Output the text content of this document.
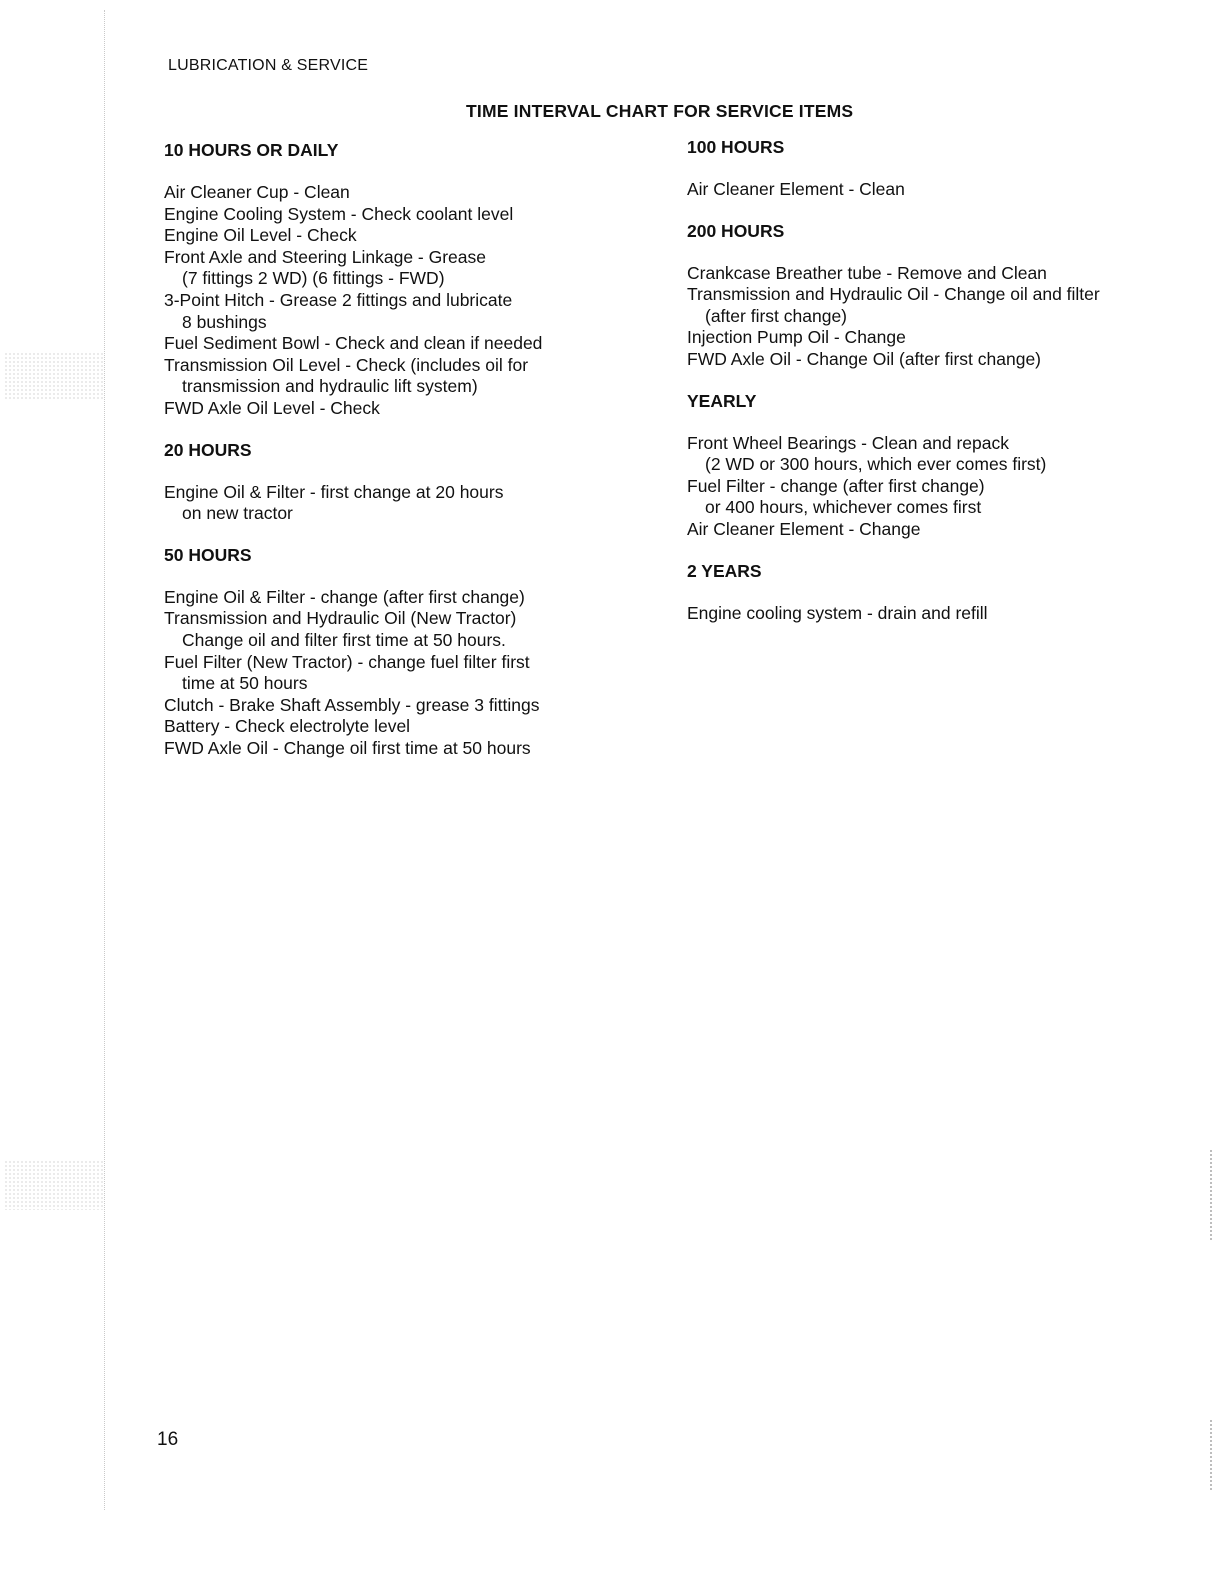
LUBRICATION & SERVICE
TIME INTERVAL CHART FOR SERVICE ITEMS
10 HOURS OR DAILY
Air Cleaner Cup - Clean
Engine Cooling System - Check coolant level
Engine Oil Level - Check
Front Axle and Steering Linkage - Grease
(7 fittings 2 WD) (6 fittings - FWD)
3-Point Hitch - Grease 2 fittings and lubricate
8 bushings
Fuel Sediment Bowl - Check and clean if needed
Transmission Oil Level - Check (includes oil for
transmission and hydraulic lift system)
FWD Axle Oil Level - Check
20 HOURS
Engine Oil & Filter - first change at 20 hours
on new tractor
50 HOURS
Engine Oil & Filter - change (after first change)
Transmission and Hydraulic Oil (New Tractor)
Change oil and filter first time at 50 hours.
Fuel Filter (New Tractor) - change fuel filter first
time at 50 hours
Clutch - Brake Shaft Assembly - grease 3 fittings
Battery - Check electrolyte level
FWD Axle Oil - Change oil first time at 50 hours
100 HOURS
Air Cleaner Element - Clean
200 HOURS
Crankcase Breather tube - Remove and Clean
Transmission and Hydraulic Oil - Change oil and filter
(after first change)
Injection Pump Oil - Change
FWD Axle Oil - Change Oil (after first change)
YEARLY
Front Wheel Bearings - Clean and repack
(2 WD or 300 hours, which ever comes first)
Fuel Filter - change (after first change)
or 400 hours, whichever comes first
Air Cleaner Element - Change
2 YEARS
Engine cooling system - drain and refill
16
